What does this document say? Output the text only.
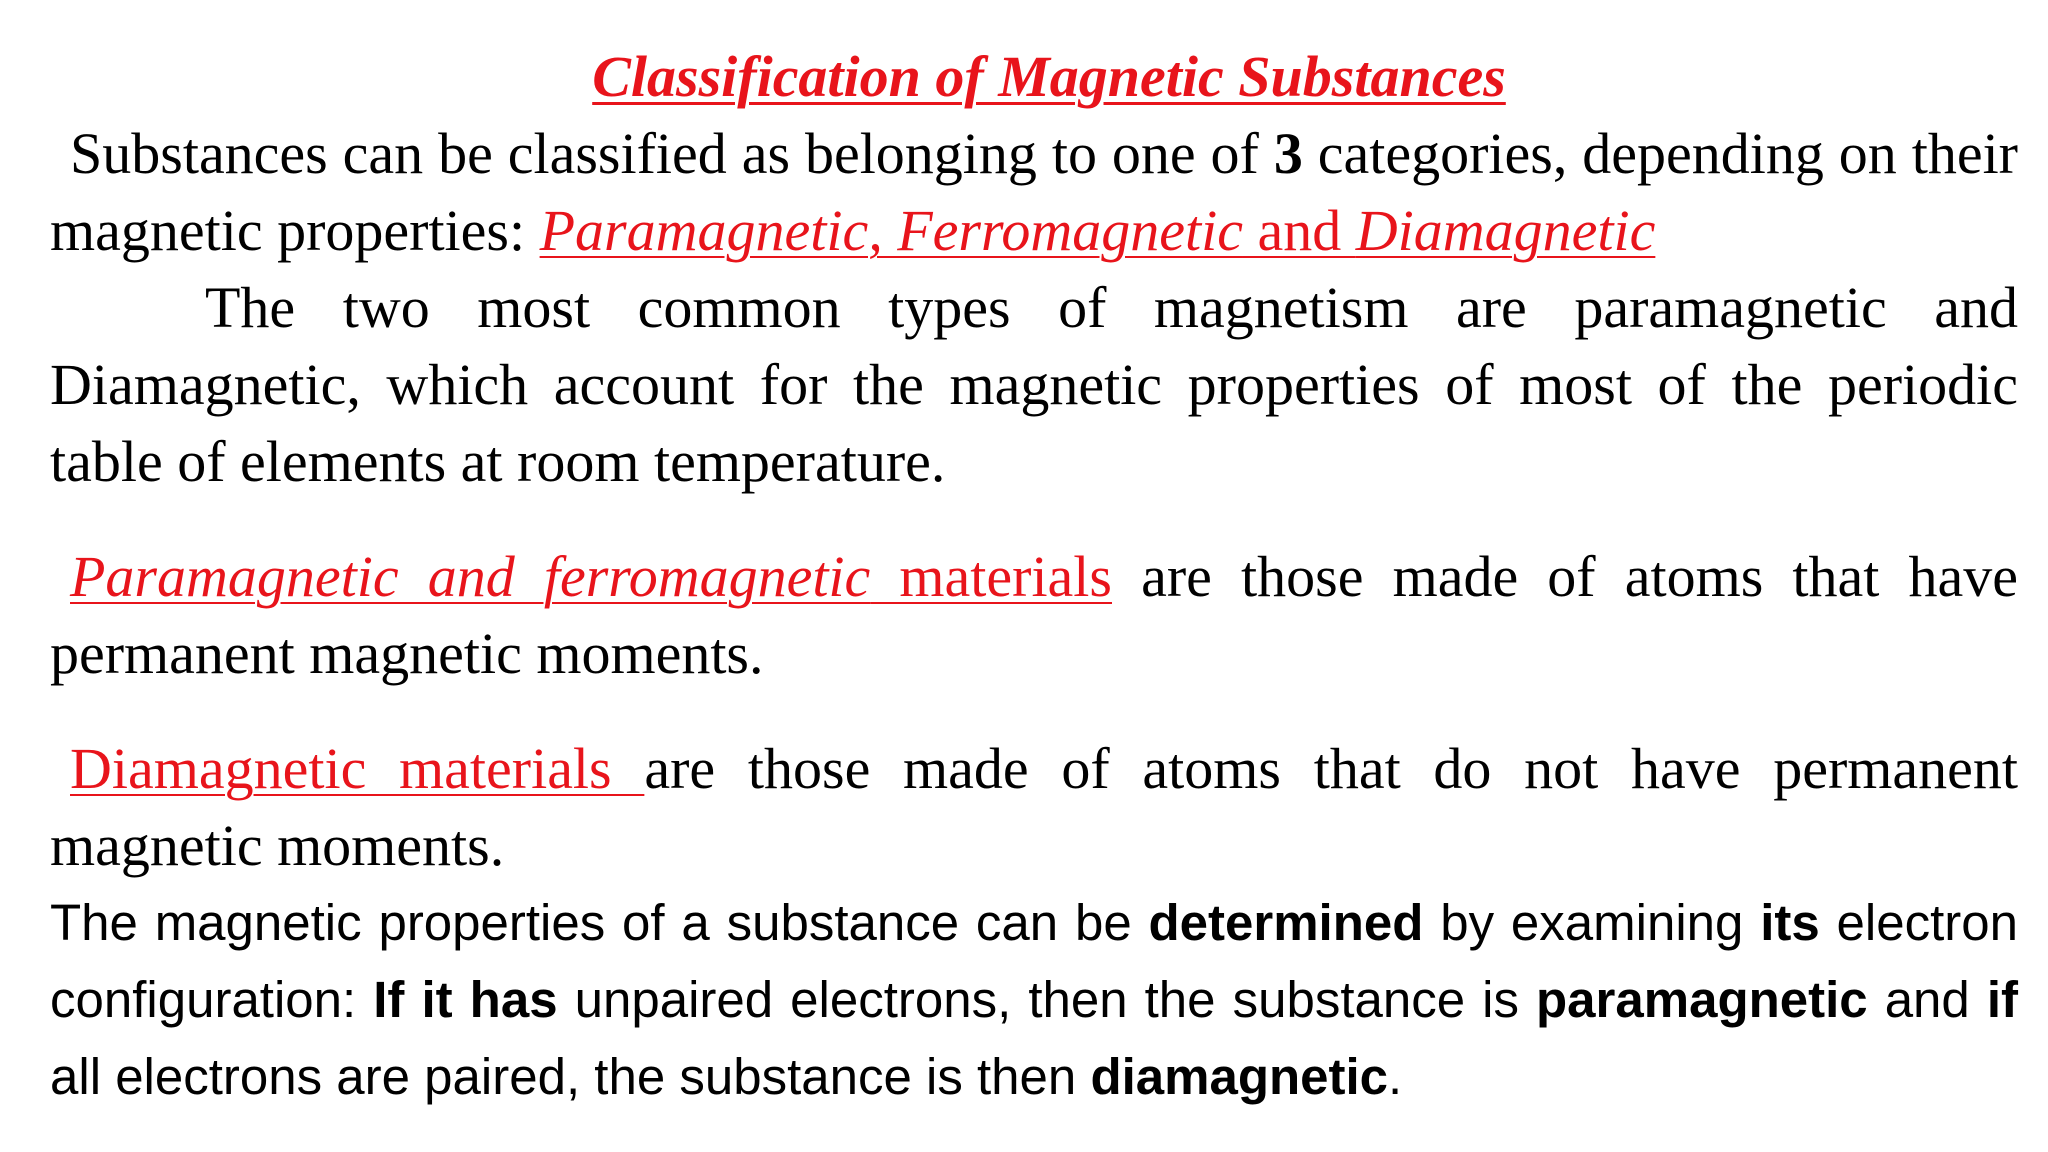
Classification of Magnetic Substances

Substances can be classified as belonging to one of 3 categories, depending on their magnetic properties: Paramagnetic, Ferromagnetic and Diamagnetic

The two most common types of magnetism are paramagnetic and Diamagnetic, which account for the magnetic properties of most of the periodic table of elements at room temperature.

Paramagnetic and ferromagnetic materials are those made of atoms that have permanent magnetic moments.

Diamagnetic materials are those made of atoms that do not have permanent magnetic moments.

The magnetic properties of a substance can be determined by examining its electron configuration: If it has unpaired electrons, then the substance is paramagnetic and if all electrons are paired, the substance is then diamagnetic.
